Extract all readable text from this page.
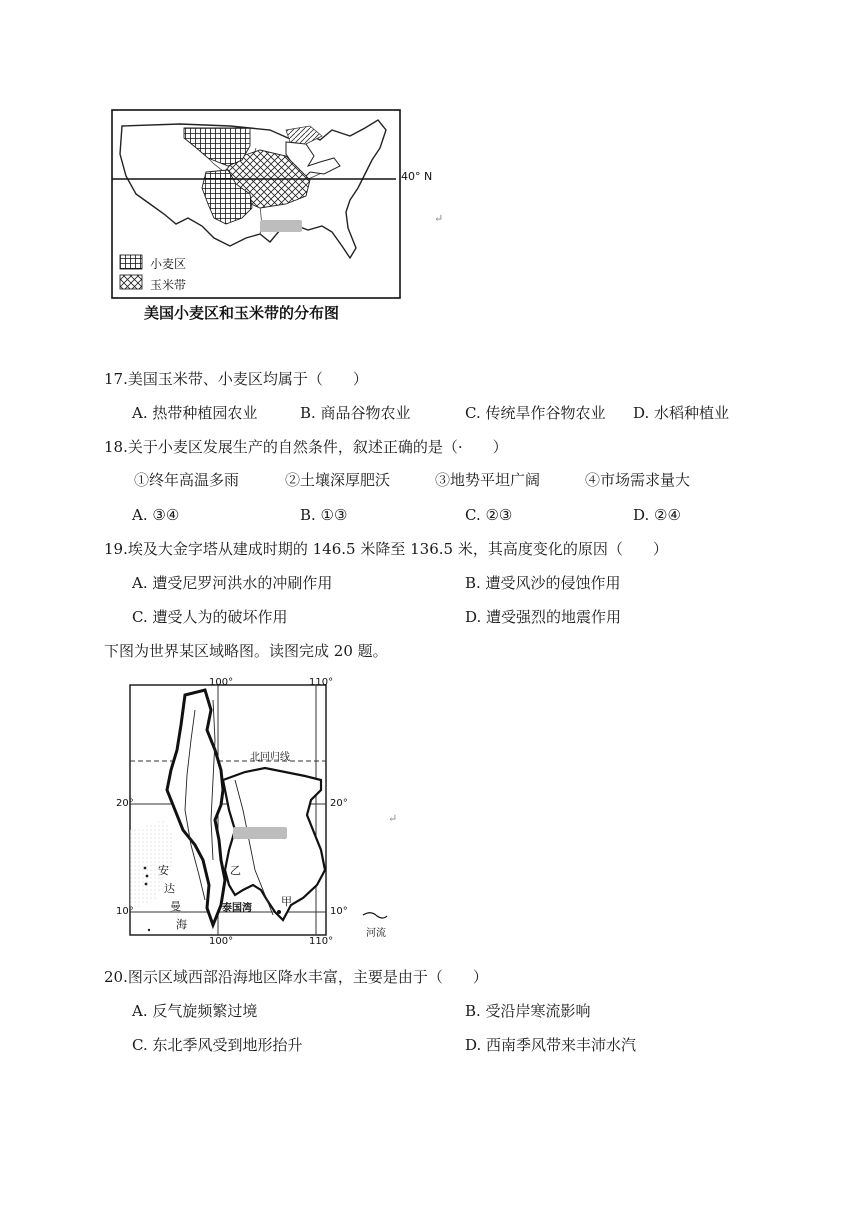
40° N
小麦区
玉米带
美国小麦区和玉米带的分布图
↵
17.美国玉米带、小麦区均属于（　　）
A. 热带种植园农业	B. 商品谷物农业	C. 传统旱作谷物农业 D. 水稻种植业
18.关于小麦区发展生产的自然条件，叙述正确的是（·　　）
①终年高温多雨	②土壤深厚肥沃	③地势平坦广阔	④市场需求量大
A. ③④	B. ①③	C. ②③	D. ②④
19.埃及大金字塔从建成时期的 146.5 米降至 136.5 米，其高度变化的原因（　　）
A. 遭受尼罗河洪水的冲刷作用	B. 遭受风沙的侵蚀作用
C. 遭受人为的破坏作用	D. 遭受强烈的地震作用
下图为世界某区域略图。读图完成 20 题。
100°	110°
100°	110°
20°	20°
10°	10°
北回归线
安
达
曼
海
泰国湾
乙
甲
河流
↵
20.图示区域西部沿海地区降水丰富，主要是由于（　　）
A. 反气旋频繁过境	B. 受沿岸寒流影响
C. 东北季风受到地形抬升	D. 西南季风带来丰沛水汽
